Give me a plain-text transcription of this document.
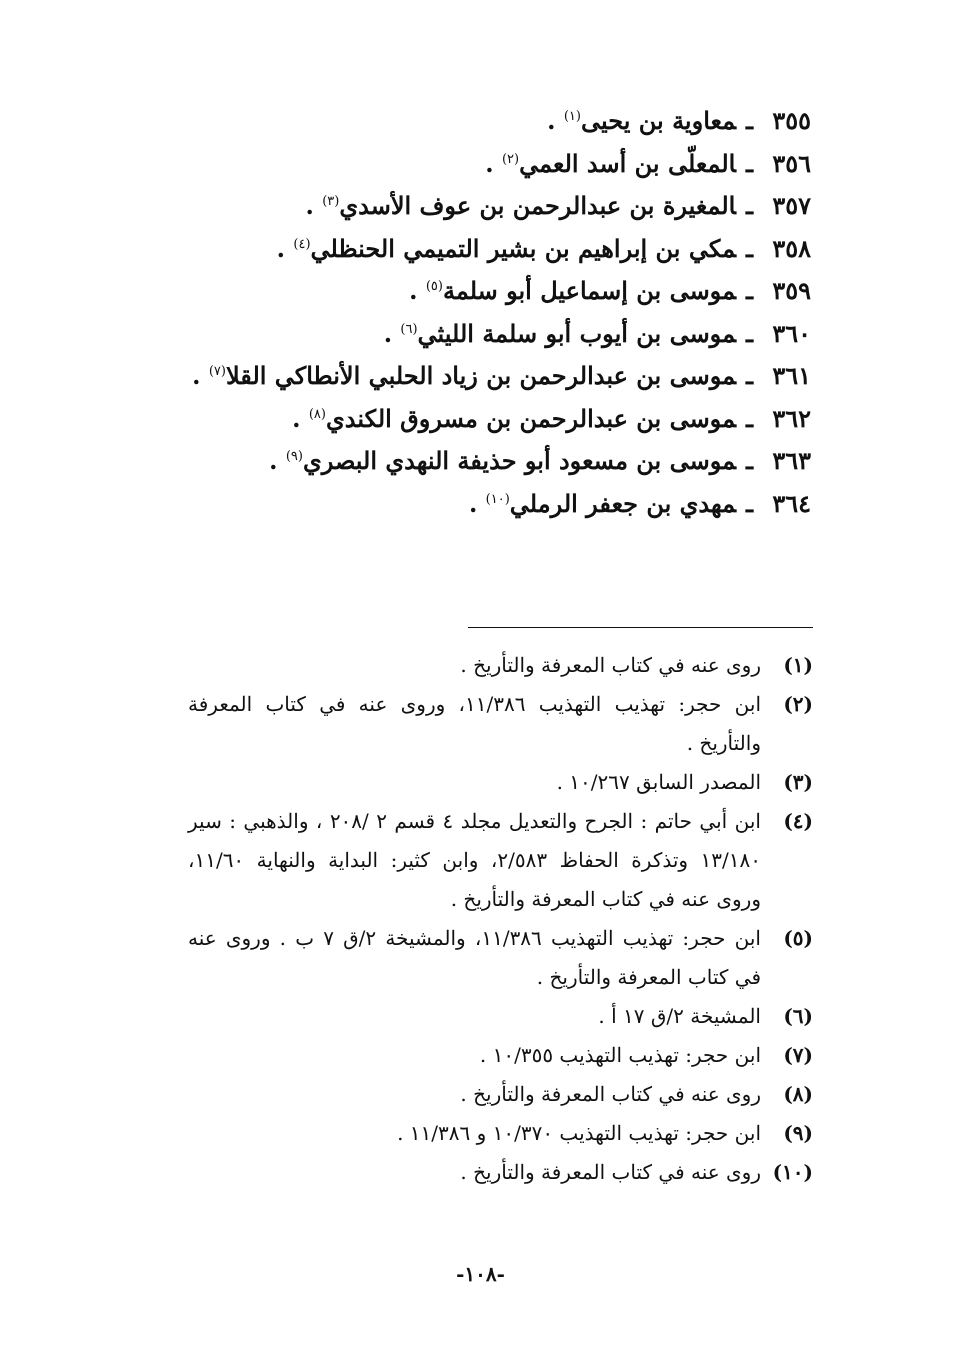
٣٥٥ـمعاوية بن يحيى$^{(١)}$ .
٣٥٦ـالمعلّى بن أسد العمي$^{(٢)}$ .
٣٥٧ـالمغيرة بن عبدالرحمن بن عوف الأسدي$^{(٣)}$ .
٣٥٨ـمكي بن إبراهيم بن بشير التميمي الحنظلي$^{(٤)}$ .
٣٥٩ـموسى بن إسماعيل أبو سلمة$^{(٥)}$ .
٣٦٠ـموسى بن أيوب أبو سلمة الليثي$^{(٦)}$ .
٣٦١ـموسى بن عبدالرحمن بن زياد الحلبي الأنطاكي القلا$^{(٧)}$ .
٣٦٢ـموسى بن عبدالرحمن بن مسروق الكندي$^{(٨)}$ .
٣٦٣ـموسى بن مسعود أبو حذيفة النهدي البصري$^{(٩)}$ .
٣٦٤ـمهدي بن جعفر الرملي$^{(١٠)}$ .
(١)
روى عنه في كتاب المعرفة والتأريخ .
(٢)
ابن حجر: تهذيب التهذيب ١١/٣٨٦، وروى عنه في كتاب المعرفة والتأريخ .
(٣)
المصدر السابق ١٠/٢٦٧ .
(٤)
ابن أبي حاتم : الجرح والتعديل مجلد ٤ قسم ٢ /٢٠٨ ، والذهبي : سير ١٣/١٨٠ وتذكرة الحفاظ ٢/٥٨٣، وابن كثير: البداية والنهاية ١١/٦٠، وروى عنه في كتاب المعرفة والتأريخ .
(٥)
ابن حجر: تهذيب التهذيب ١١/٣٨٦، والمشيخة ٢/ق ٧ ب . وروى عنه في كتاب المعرفة والتأريخ .
(٦)
المشيخة ٢/ق ١٧ أ .
(٧)
ابن حجر: تهذيب التهذيب ١٠/٣٥٥ .
(٨)
روى عنه في كتاب المعرفة والتأريخ .
(٩)
ابن حجر: تهذيب التهذيب ١٠/٣٧٠ و ١١/٣٨٦ .
(١٠)
روى عنه في كتاب المعرفة والتأريخ .
-١٠٨-
